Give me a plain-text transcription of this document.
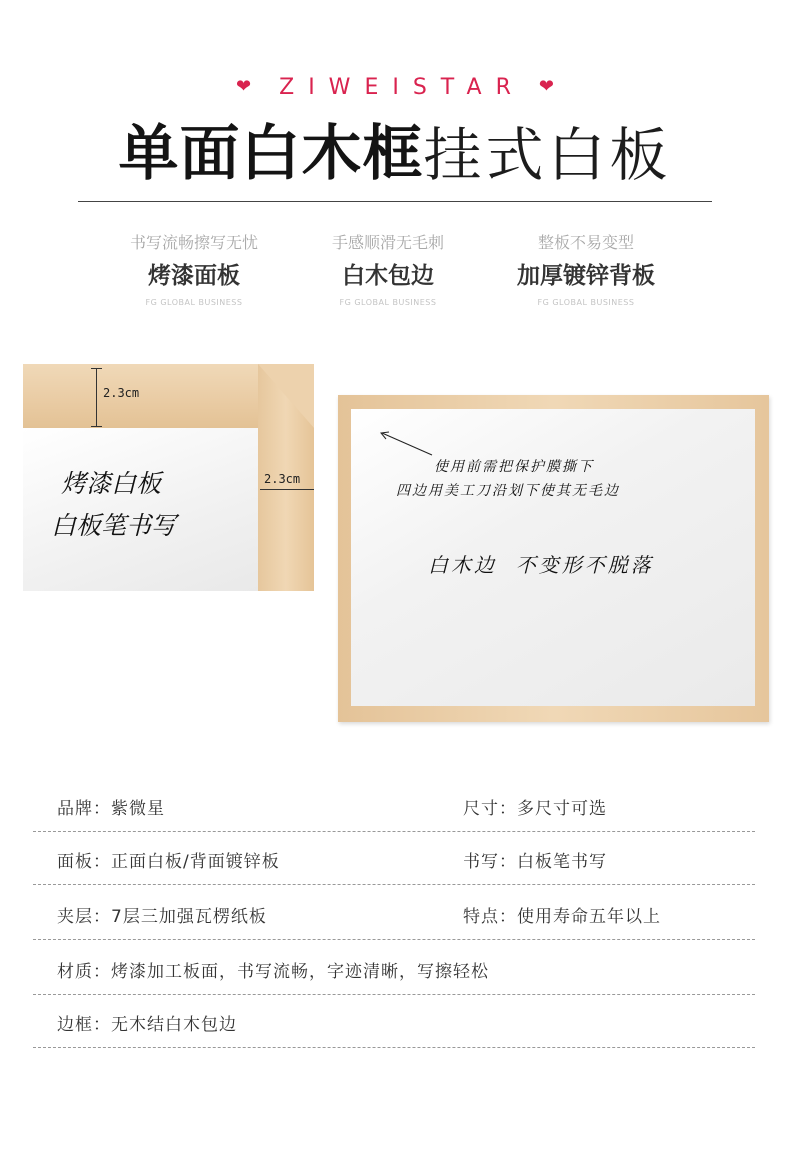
❤	ZIWEISTAR ❤
单面白木框 挂式白板
书写流畅擦写无忧
烤漆面板
FG GLOBAL BUSINESS
手感顺滑无毛刺
白木包边
FG GLOBAL BUSINESS
整板不易变型
加厚镀锌背板
FG GLOBAL BUSINESS
2.3cm
2.3cm
烤漆白板
白板笔书写
使用前需把保护膜撕下
四边用美工刀沿划下使其无毛边
白木边  不变形不脱落
品牌：紫微星	尺寸：多尺寸可选
面板：正面白板/背面镀锌板	书写：白板笔书写
夹层：7层三加强瓦楞纸板	特点：使用寿命五年以上
材质：烤漆加工板面，书写流畅，字迹清晰，写擦轻松
边框：无木结白木包边
